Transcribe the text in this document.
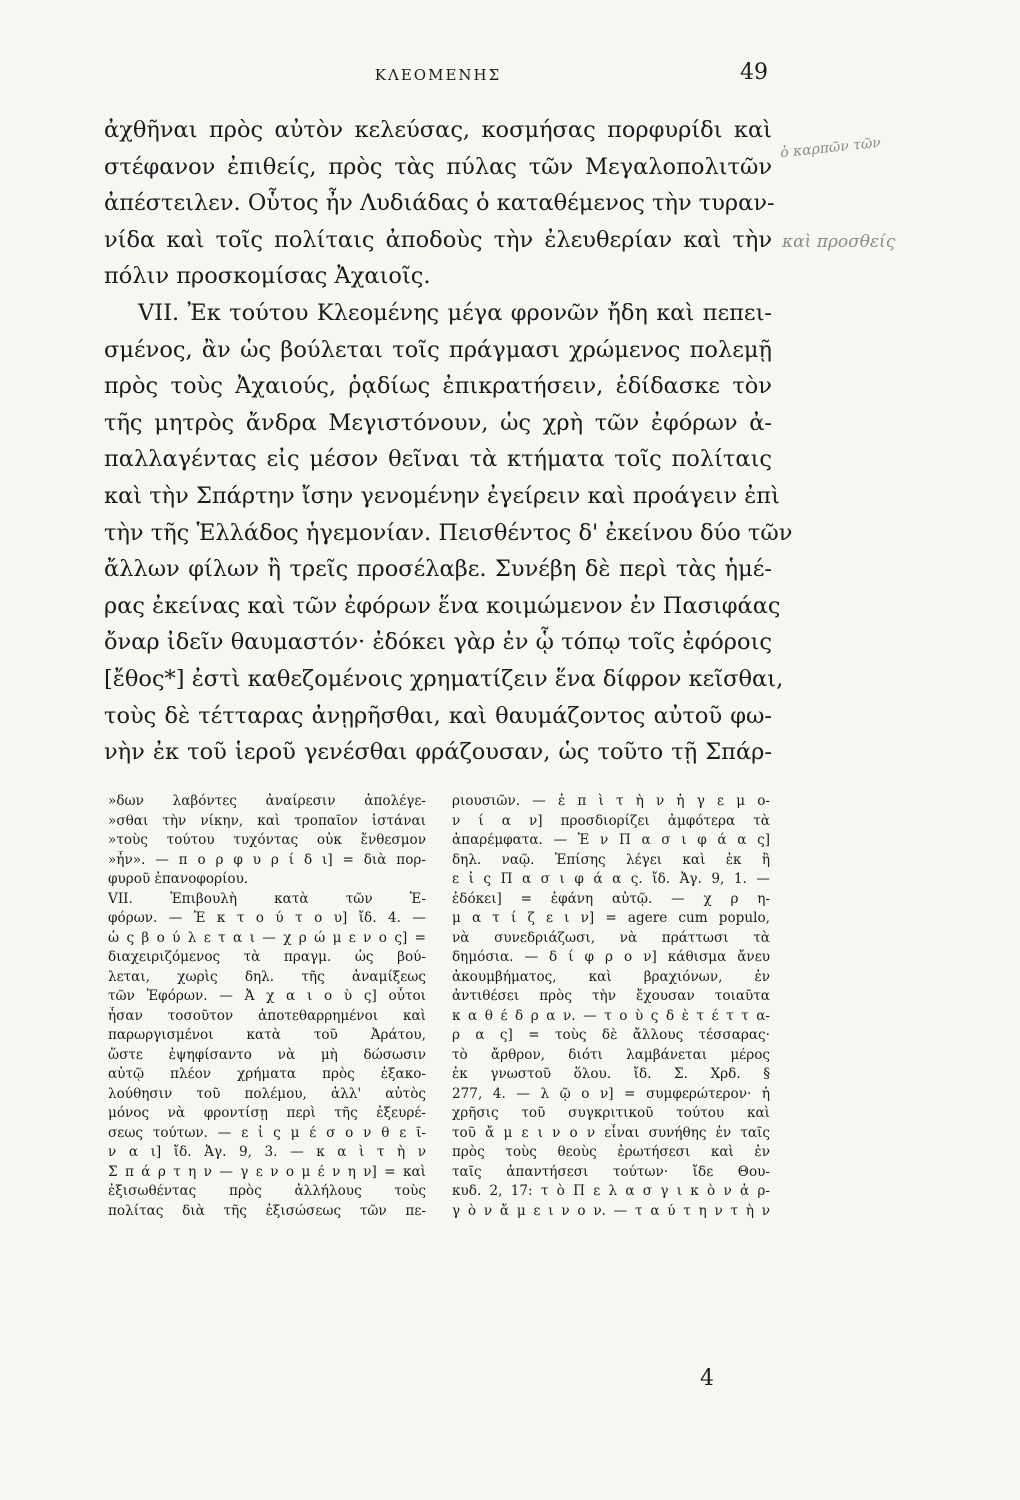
ΚΛΕΟΜΕΝΗΣ	49
ἀχθῆναι πρὸς αὐτὸν κελεύσας, κοσμήσας πορφυρίδι καὶ
στέφανον ἐπιθείς, πρὸς τὰς πύλας τῶν Μεγαλοπολιτῶν
ἀπέστειλεν. Οὗτος ἦν Λυδιάδας ὁ καταθέμενος τὴν τυραν-
νίδα καὶ τοῖς πολίταις ἀποδοὺς τὴν ἐλευθερίαν καὶ τὴν
πόλιν προσκομίσας Ἀχαιοῖς.
VII. Ἐκ τούτου Κλεομένης μέγα φρονῶν ἤδη καὶ πεπει-
σμένος, ἂν ὡς βούλεται τοῖς πράγμασι χρώμενος πολεμῇ
πρὸς τοὺς Ἀχαιούς, ῥᾳδίως ἐπικρατήσειν, ἐδίδασκε τὸν
τῆς μητρὸς ἄνδρα Μεγιστόνουν, ὡς χρὴ τῶν ἐφόρων ἀ-
παλλαγέντας εἰς μέσον θεῖναι τὰ κτήματα τοῖς πολίταις
καὶ τὴν Σπάρτην ἴσην γενομένην ἐγείρειν καὶ προάγειν ἐπὶ
τὴν τῆς Ἑλλάδος ἡγεμονίαν. Πεισθέντος δ' ἐκείνου δύο τῶν
ἄλλων φίλων ἢ τρεῖς προσέλαβε. Συνέβη δὲ περὶ τὰς ἡμέ-
ρας ἐκείνας καὶ τῶν ἐφόρων ἕνα κοιμώμενον ἐν Πασιφάας
ὄναρ ἰδεῖν θαυμαστόν· ἐδόκει γὰρ ἐν ᾧ τόπῳ τοῖς ἐφόροις
[ἔθος*] ἐστὶ καθεζομένοις χρηματίζειν ἕνα δίφρον κεῖσθαι,
τοὺς δὲ τέτταρας ἀνῃρῆσθαι, καὶ θαυμάζοντος αὐτοῦ φω-
νὴν ἐκ τοῦ ἱεροῦ γενέσθαι φράζουσαν, ὡς τοῦτο τῇ Σπάρ-
ὁ καρπῶν τῶν
καὶ προσθείς
»δων λαβόντες ἀναίρεσιν ἀπολέγε-
»σθαι τὴν νίκην, καὶ τροπαῖον ἱστάναι
»τοὺς τούτου τυχόντας οὐκ ἔνθεσμον
»ἦν». — π ο ρ φ υ ρ ί δ ι] = διὰ πορ-
φυροῦ ἐπανοφορίου.
VII. Ἐπιβουλὴ κατὰ τῶν Ἐ-
φόρων. — Ἐ κ τ ο ύ τ ο υ] ἴδ. 4. —
ὡ ς β ο ύ λ ε τ α ι — χ ρ ώ μ ε ν ο ς] =
διαχειριζόμενος τὰ πραγμ. ὡς βού-
λεται, χωρὶς δηλ. τῆς ἀναμίξεως
τῶν Ἐφόρων. — Ἀ χ α ι ο ὺ ς] οὗτοι
ἦσαν τοσοῦτον ἀποτεθαρρημένοι καὶ
παρωργισμένοι κατὰ τοῦ Ἀράτου,
ὥστε ἐψηφίσαντο νὰ μὴ δώσωσιν
αὐτῷ πλέον χρήματα πρὸς ἐξακο-
λούθησιν τοῦ πολέμου, ἀλλ' αὐτὸς
μόνος νὰ φροντίσῃ περὶ τῆς ἐξευρέ-
σεως τούτων. — ε ἰ ς μ έ σ ο ν θ ε ῖ-
ν α ι] ἴδ. Ἀγ. 9, 3. — κ α ὶ τ ὴ ν
Σ π ά ρ τ η ν — γ ε ν ο μ έ ν η ν] = καὶ
ἐξισωθέντας πρὸς ἀλλήλους τοὺς
πολίτας διὰ τῆς ἐξισώσεως τῶν πε-
ριουσιῶν. — ἐ π ὶ τ ὴ ν ἡ γ ε μ ο-
ν ί α ν] προσδιορίζει ἀμφότερα τὰ
ἀπαρέμφατα. — Ἐ ν Π α σ ι φ ά α ς]
δηλ. ναῷ. Ἐπίσης λέγει καὶ ἐκ ἢ
ε ἰ ς Π α σ ι φ ά α ς. ἴδ. Ἀγ. 9, 1. —
ἐδόκει] = ἐφάνη αὐτῷ. — χ ρ η-
μ α τ ί ζ ε ι ν] = agere cum populo,
νὰ συνεδριάζωσι, νὰ πράττωσι τὰ
δημόσια. — δ ί φ ρ ο ν] κάθισμα ἄνευ
ἀκουμβήματος, καὶ βραχιόνων, ἐν
ἀντιθέσει πρὸς τὴν ἔχουσαν τοιαῦτα
κ α θ έ δ ρ α ν. — τ ο ὺ ς δ ὲ τ έ τ τ α-
ρ α ς] = τοὺς δὲ ἄλλους τέσσαρας·
τὸ ἄρθρον, διότι λαμβάνεται μέρος
ἐκ γνωστοῦ ὅλου. ἴδ. Σ. Χρδ. §
277, 4. — λ ῷ ο ν] = συμφερώτερον· ἡ
χρῆσις τοῦ συγκριτικοῦ τούτου καὶ
τοῦ ἄ μ ε ι ν ο ν εἶναι συνήθης ἐν ταῖς
πρὸς τοὺς θεοὺς ἐρωτήσεσι καὶ ἐν
ταῖς ἀπαντήσεσι τούτων· ἴδε Θου-
κυδ. 2, 17: τ ὸ Π ε λ α σ γ ι κ ὸ ν ἀ ρ-
γ ὸ ν ἄ μ ε ι ν ο ν. — τ α ύ τ η ν τ ὴ ν
4
